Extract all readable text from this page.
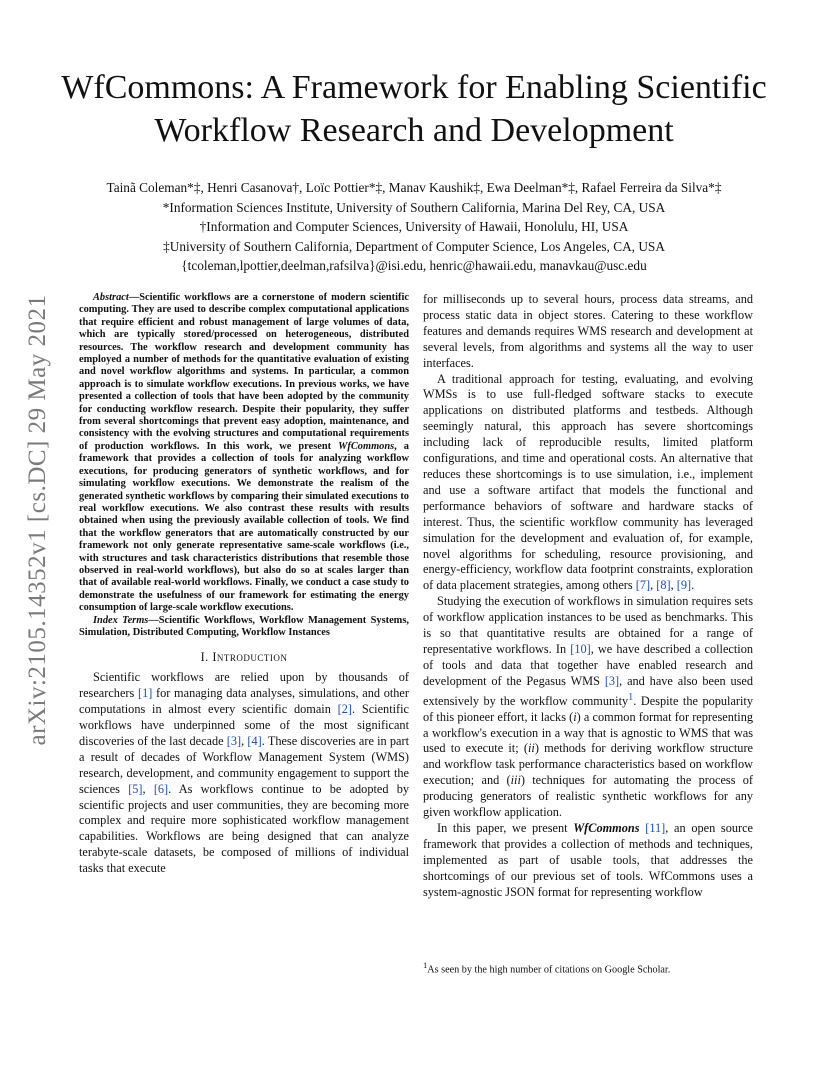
arXiv:2105.14352v1 [cs.DC] 29 May 2021
WfCommons: A Framework for Enabling Scientific
Workflow Research and Development
Tainã Coleman*‡, Henri Casanova†, Loïc Pottier*‡, Manav Kaushik‡, Ewa Deelman*‡, Rafael Ferreira da Silva*‡
*Information Sciences Institute, University of Southern California, Marina Del Rey, CA, USA
†Information and Computer Sciences, University of Hawaii, Honolulu, HI, USA
‡University of Southern California, Department of Computer Science, Los Angeles, CA, USA
{tcoleman,lpottier,deelman,rafsilva}@isi.edu, henric@hawaii.edu, manavkau@usc.edu

Abstract—Scientific workflows are a cornerstone of modern scientific computing. They are used to describe complex computational applications that require efficient and robust management of large volumes of data, which are typically stored/processed on heterogeneous, distributed resources. The workflow research and development community has employed a number of methods for the quantitative evaluation of existing and novel workflow algorithms and systems. In particular, a common approach is to simulate workflow executions. In previous works, we have presented a collection of tools that have been adopted by the community for conducting workflow research. Despite their popularity, they suffer from several shortcomings that prevent easy adoption, maintenance, and consistency with the evolving structures and computational requirements of production workflows. In this work, we present WfCommons, a framework that provides a collection of tools for analyzing workflow executions, for producing generators of synthetic workflows, and for simulating workflow executions. We demonstrate the realism of the generated synthetic workflows by comparing their simulated executions to real workflow executions. We also contrast these results with results obtained when using the previously available collection of tools. We find that the workflow generators that are automatically constructed by our framework not only generate representative same-scale workflows (i.e., with structures and task characteristics distributions that resemble those observed in real-world workflows), but also do so at scales larger than that of available real-world workflows. Finally, we conduct a case study to demonstrate the usefulness of our framework for estimating the energy consumption of large-scale workflow executions.

Index Terms—Scientific Workflows, Workflow Management Systems, Simulation, Distributed Computing, Workflow Instances

I. Introduction

Scientific workflows are relied upon by thousands of researchers [1] for managing data analyses, simulations, and other computations in almost every scientific domain [2]. Scientific workflows have underpinned some of the most significant discoveries of the last decade [3], [4]. These discoveries are in part a result of decades of Workflow Management System (WMS) research, development, and community engagement to support the sciences [5], [6]. As workflows continue to be adopted by scientific projects and user communities, they are becoming more complex and require more sophisticated workflow management capabilities. Workflows are being designed that can analyze terabyte-scale datasets, be composed of millions of individual tasks that execute

for milliseconds up to several hours, process data streams, and process static data in object stores. Catering to these workflow features and demands requires WMS research and development at several levels, from algorithms and systems all the way to user interfaces.

A traditional approach for testing, evaluating, and evolving WMSs is to use full-fledged software stacks to execute applications on distributed platforms and testbeds. Although seemingly natural, this approach has severe shortcomings including lack of reproducible results, limited platform configurations, and time and operational costs. An alternative that reduces these shortcomings is to use simulation, i.e., implement and use a software artifact that models the functional and performance behaviors of software and hardware stacks of interest. Thus, the scientific workflow community has leveraged simulation for the development and evaluation of, for example, novel algorithms for scheduling, resource provisioning, and energy-efficiency, workflow data footprint constraints, exploration of data placement strategies, among others [7], [8], [9].

Studying the execution of workflows in simulation requires sets of workflow application instances to be used as benchmarks. This is so that quantitative results are obtained for a range of representative workflows. In [10], we have described a collection of tools and data that together have enabled research and development of the Pegasus WMS [3], and have also been used extensively by the workflow community$^1$. Despite the popularity of this pioneer effort, it lacks (i) a common format for representing a workflow's execution in a way that is agnostic to WMS that was used to execute it; (ii) methods for deriving workflow structure and workflow task performance characteristics based on workflow execution; and (iii) techniques for automating the process of producing generators of realistic synthetic workflows for any given workflow application.

In this paper, we present WfCommons [11], an open source framework that provides a collection of methods and techniques, implemented as part of usable tools, that addresses the shortcomings of our previous set of tools. WfCommons uses a system-agnostic JSON format for representing workflow

$^1$As seen by the high number of citations on Google Scholar.
